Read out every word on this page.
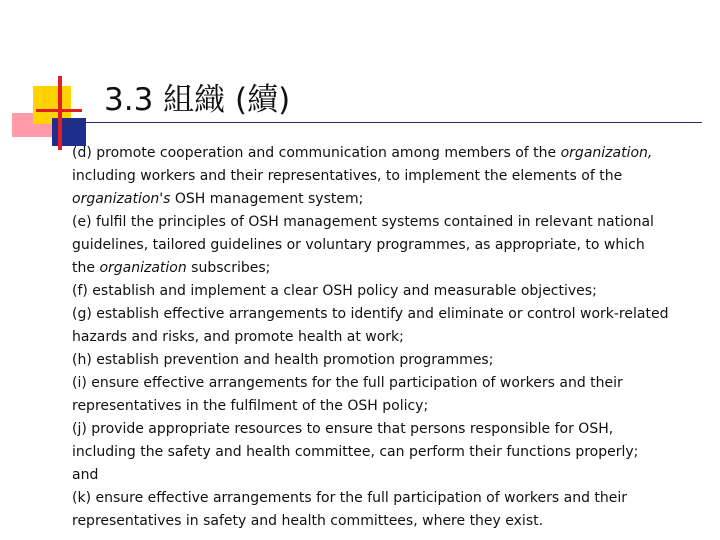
3.3 組織 (續)
(d) promote cooperation and communication among members of the organization,
including workers and their representatives, to implement the elements of the
organization's OSH management system;
(e) fulfil the principles of OSH management systems contained in relevant national
guidelines, tailored guidelines or voluntary programmes, as appropriate, to which
the organization subscribes;
(f) establish and implement a clear OSH policy and measurable objectives;
(g) establish effective arrangements to identify and eliminate or control work-related
hazards and risks, and promote health at work;
(h) establish prevention and health promotion programmes;
(i) ensure effective arrangements for the full participation of workers and their
representatives in the fulfilment of the OSH policy;
(j) provide appropriate resources to ensure that persons responsible for OSH,
including the safety and health committee, can perform their functions properly;
and
(k) ensure effective arrangements for the full participation of workers and their
representatives in safety and health committees, where they exist.
